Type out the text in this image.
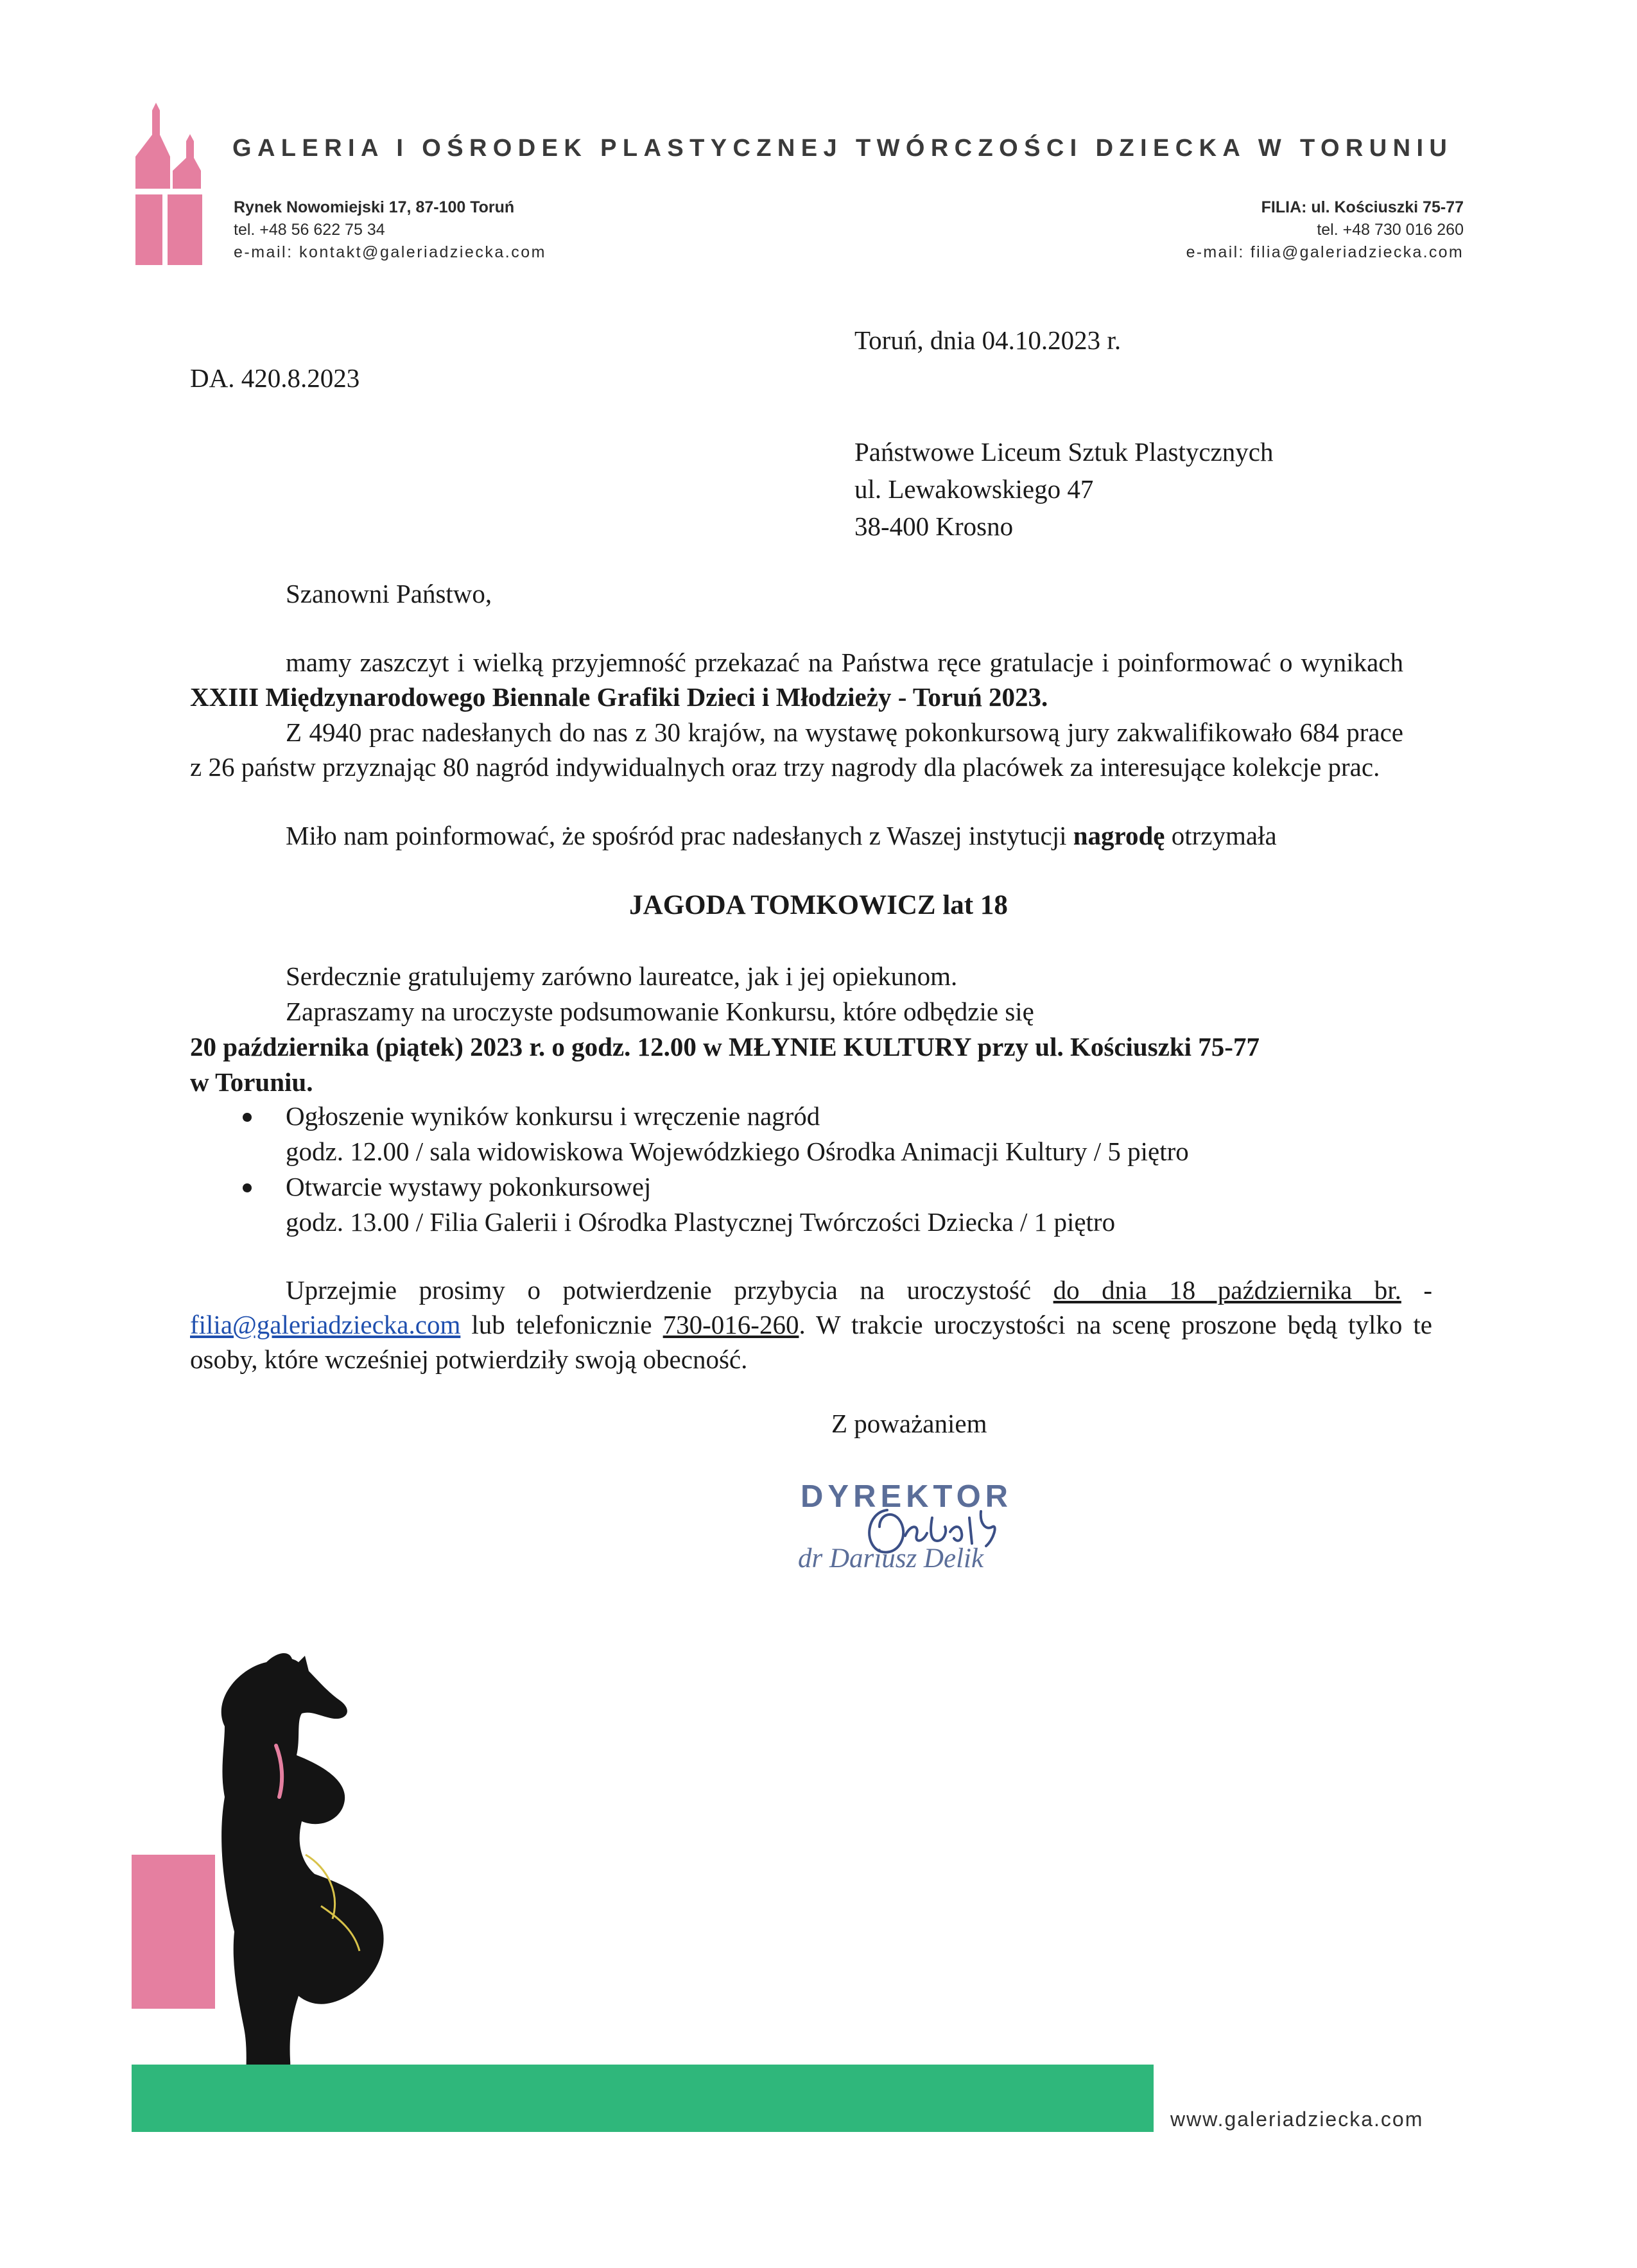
GALERIA I OŚRODEK PLASTYCZNEJ TWÓRCZOŚCI DZIECKA W TORUNIU
Rynek Nowomiejski 17, 87-100 Toruń
tel. +48 56 622 75 34
e-mail: kontakt@galeriadziecka.com
FILIA: ul. Kościuszki 75-77
tel. +48 730 016 260
e-mail: filia@galeriadziecka.com
Toruń, dnia 04.10.2023 r.
DA. 420.8.2023
Państwowe Liceum Sztuk Plastycznych
ul. Lewakowskiego 47
38-400 Krosno
Szanowni Państwo,
mamy zaszczyt i wielką przyjemność przekazać na Państwa ręce gratulacje i poinformować o wynikach XXIII Międzynarodowego Biennale Grafiki Dzieci i Młodzieży - Toruń 2023.
Z 4940 prac nadesłanych do nas z 30 krajów, na wystawę pokonkursową jury zakwalifikowało 684 prace z 26 państw przyznając 80 nagród indywidualnych oraz trzy nagrody dla placówek za interesujące kolekcje prac.
Miło nam poinformować, że spośród prac nadesłanych z Waszej instytucji nagrodę otrzymała
JAGODA TOMKOWICZ lat 18
Serdecznie gratulujemy zarówno laureatce, jak i jej opiekunom.
Zapraszamy na uroczyste podsumowanie Konkursu, które odbędzie się
20 października (piątek) 2023 r. o godz. 12.00 w MŁYNIE KULTURY przy ul. Kościuszki 75-77
w Toruniu.
Ogłoszenie wyników konkursu i wręczenie nagród
godz. 12.00 / sala widowiskowa Wojewódzkiego Ośrodka Animacji Kultury / 5 piętro
Otwarcie wystawy pokonkursowej
godz. 13.00 / Filia Galerii i Ośrodka Plastycznej Twórczości Dziecka / 1 piętro
Uprzejmie prosimy o potwierdzenie przybycia na uroczystość do dnia 18 października br. - filia@galeriadziecka.com lub telefonicznie 730-016-260. W trakcie uroczystości na scenę proszone będą tylko te osoby, które wcześniej potwierdziły swoją obecność.
Z poważaniem
DYREKTOR
dr Dariusz Delik
www.galeriadziecka.com
